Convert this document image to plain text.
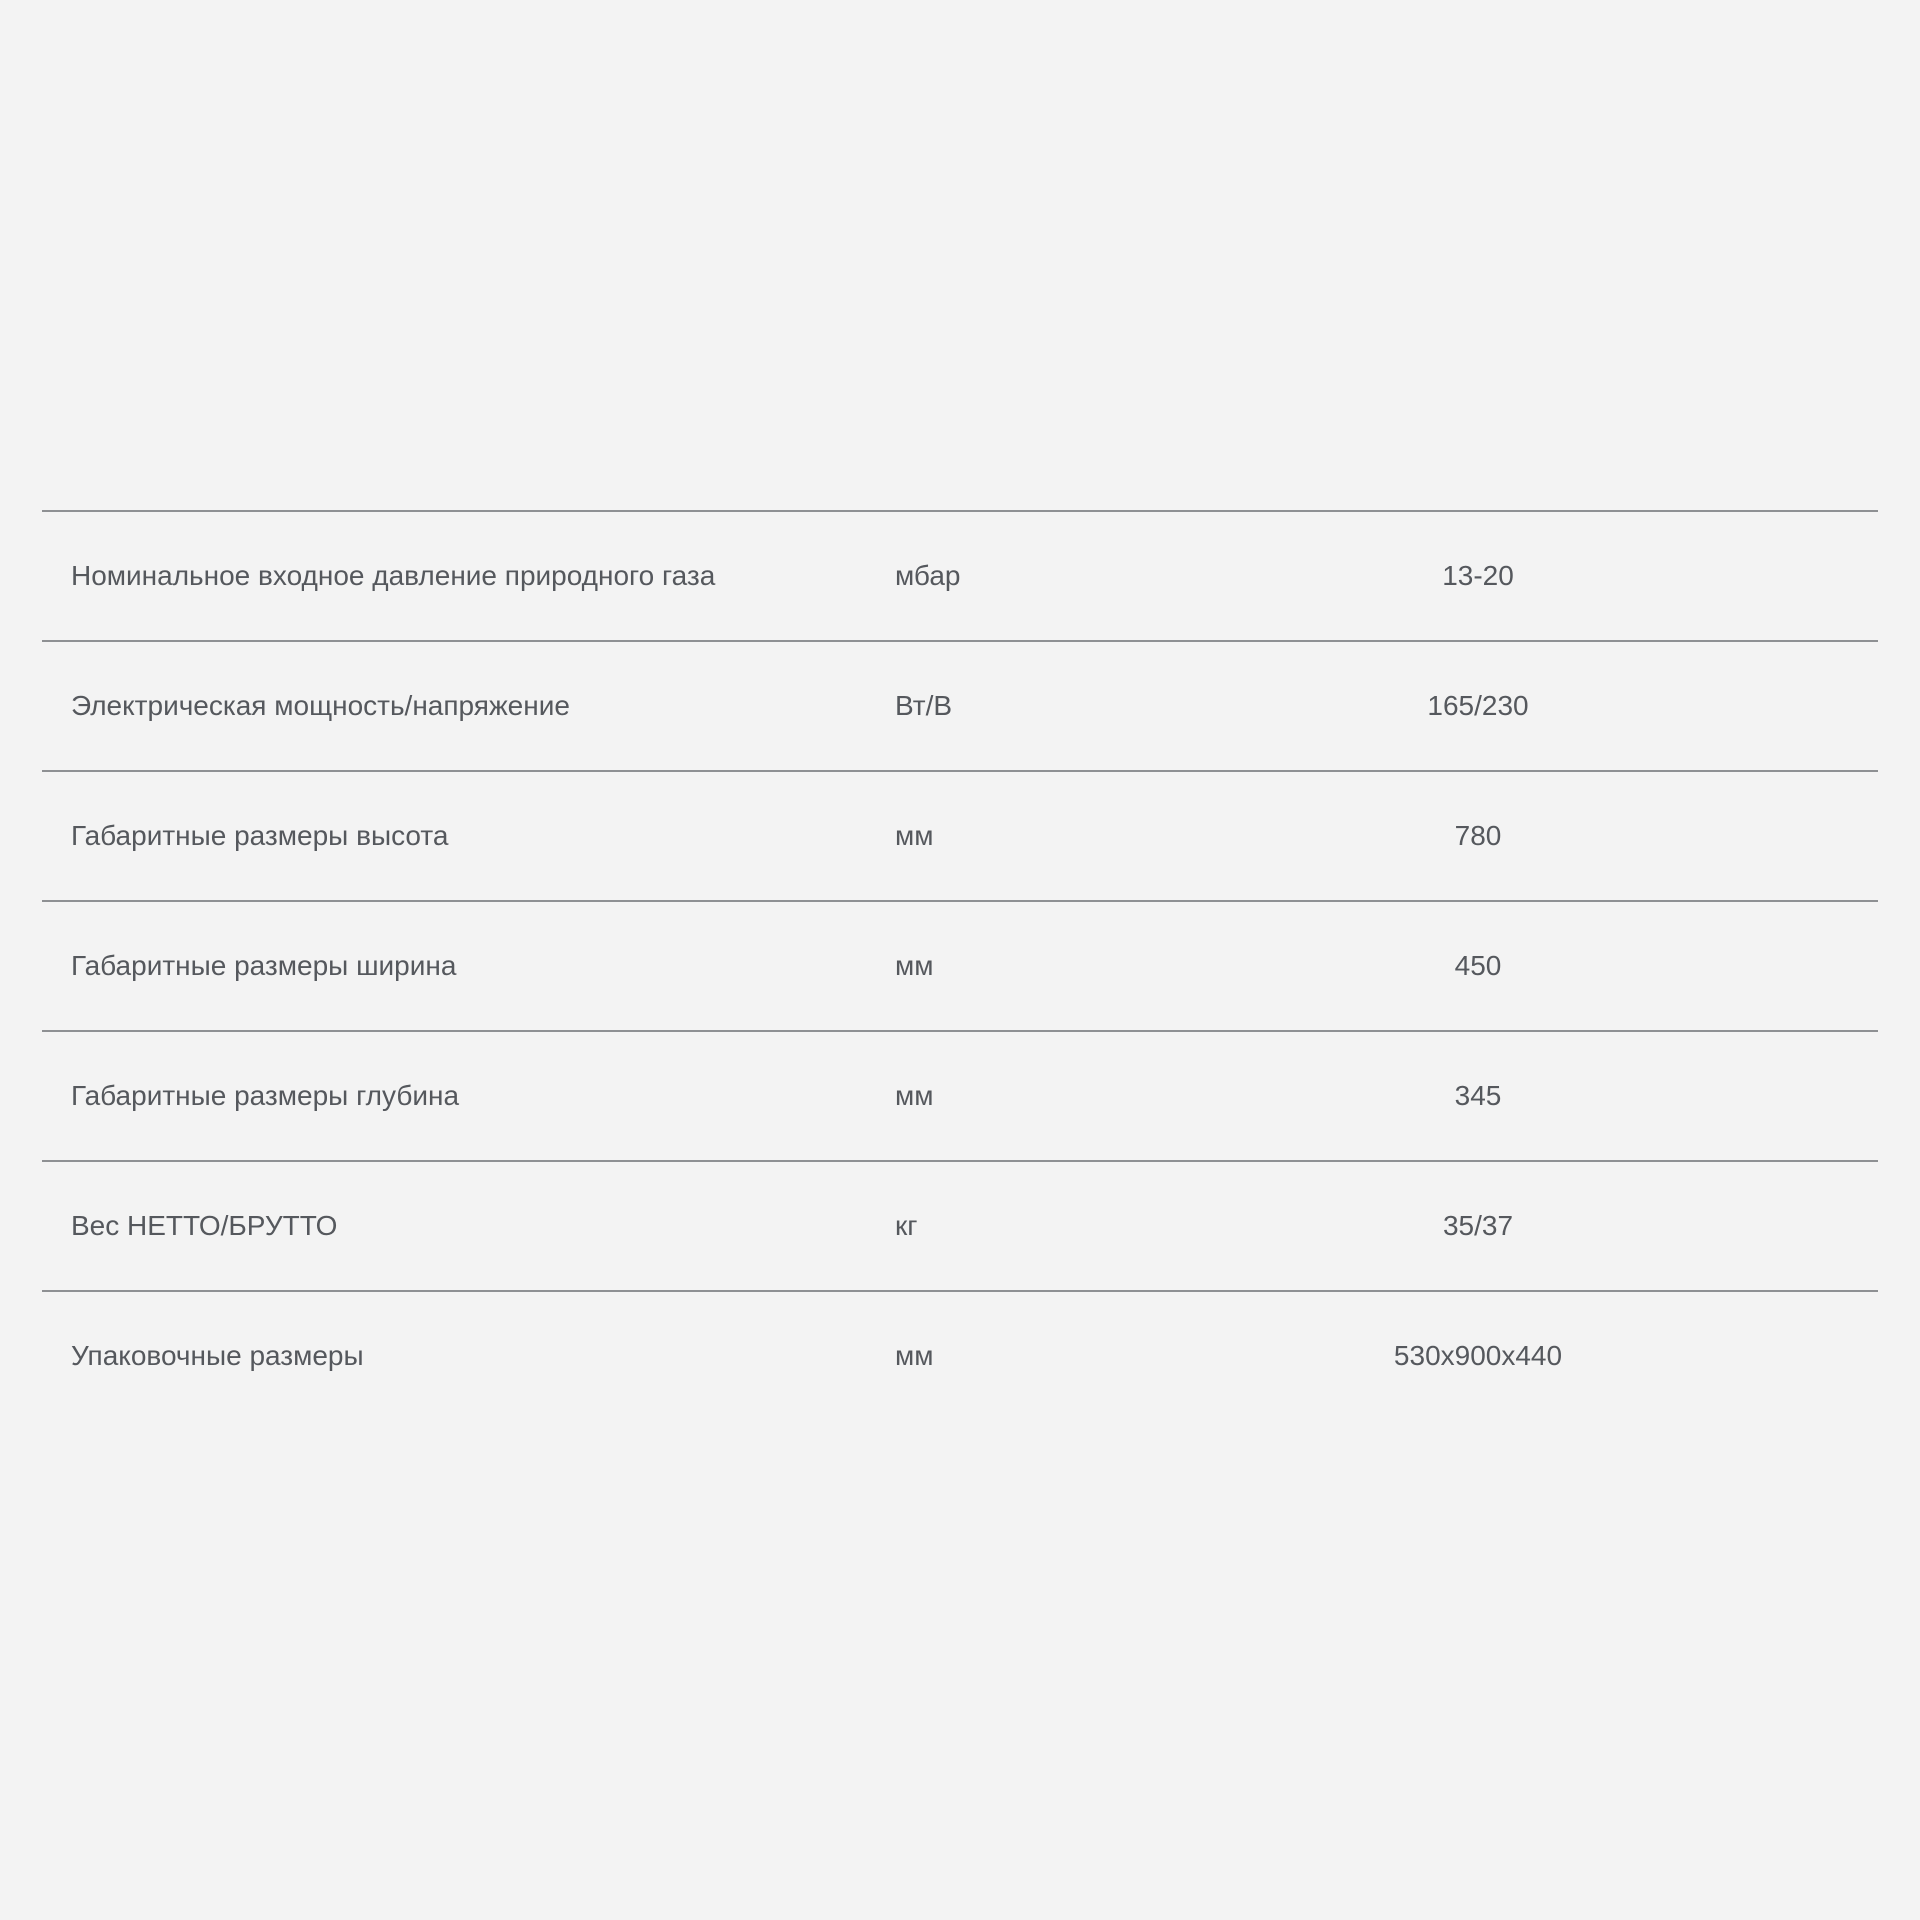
Номинальное входное давление природного газа	мбар	13-20
Электрическая мощность/напряжение	Вт/В	165/230
Габаритные размеры высота	мм	780
Габаритные размеры ширина	мм	450
Габаритные размеры глубина	мм	345
Вес НЕТТО/БРУТТО	кг	35/37
Упаковочные размеры	мм	530x900x440
